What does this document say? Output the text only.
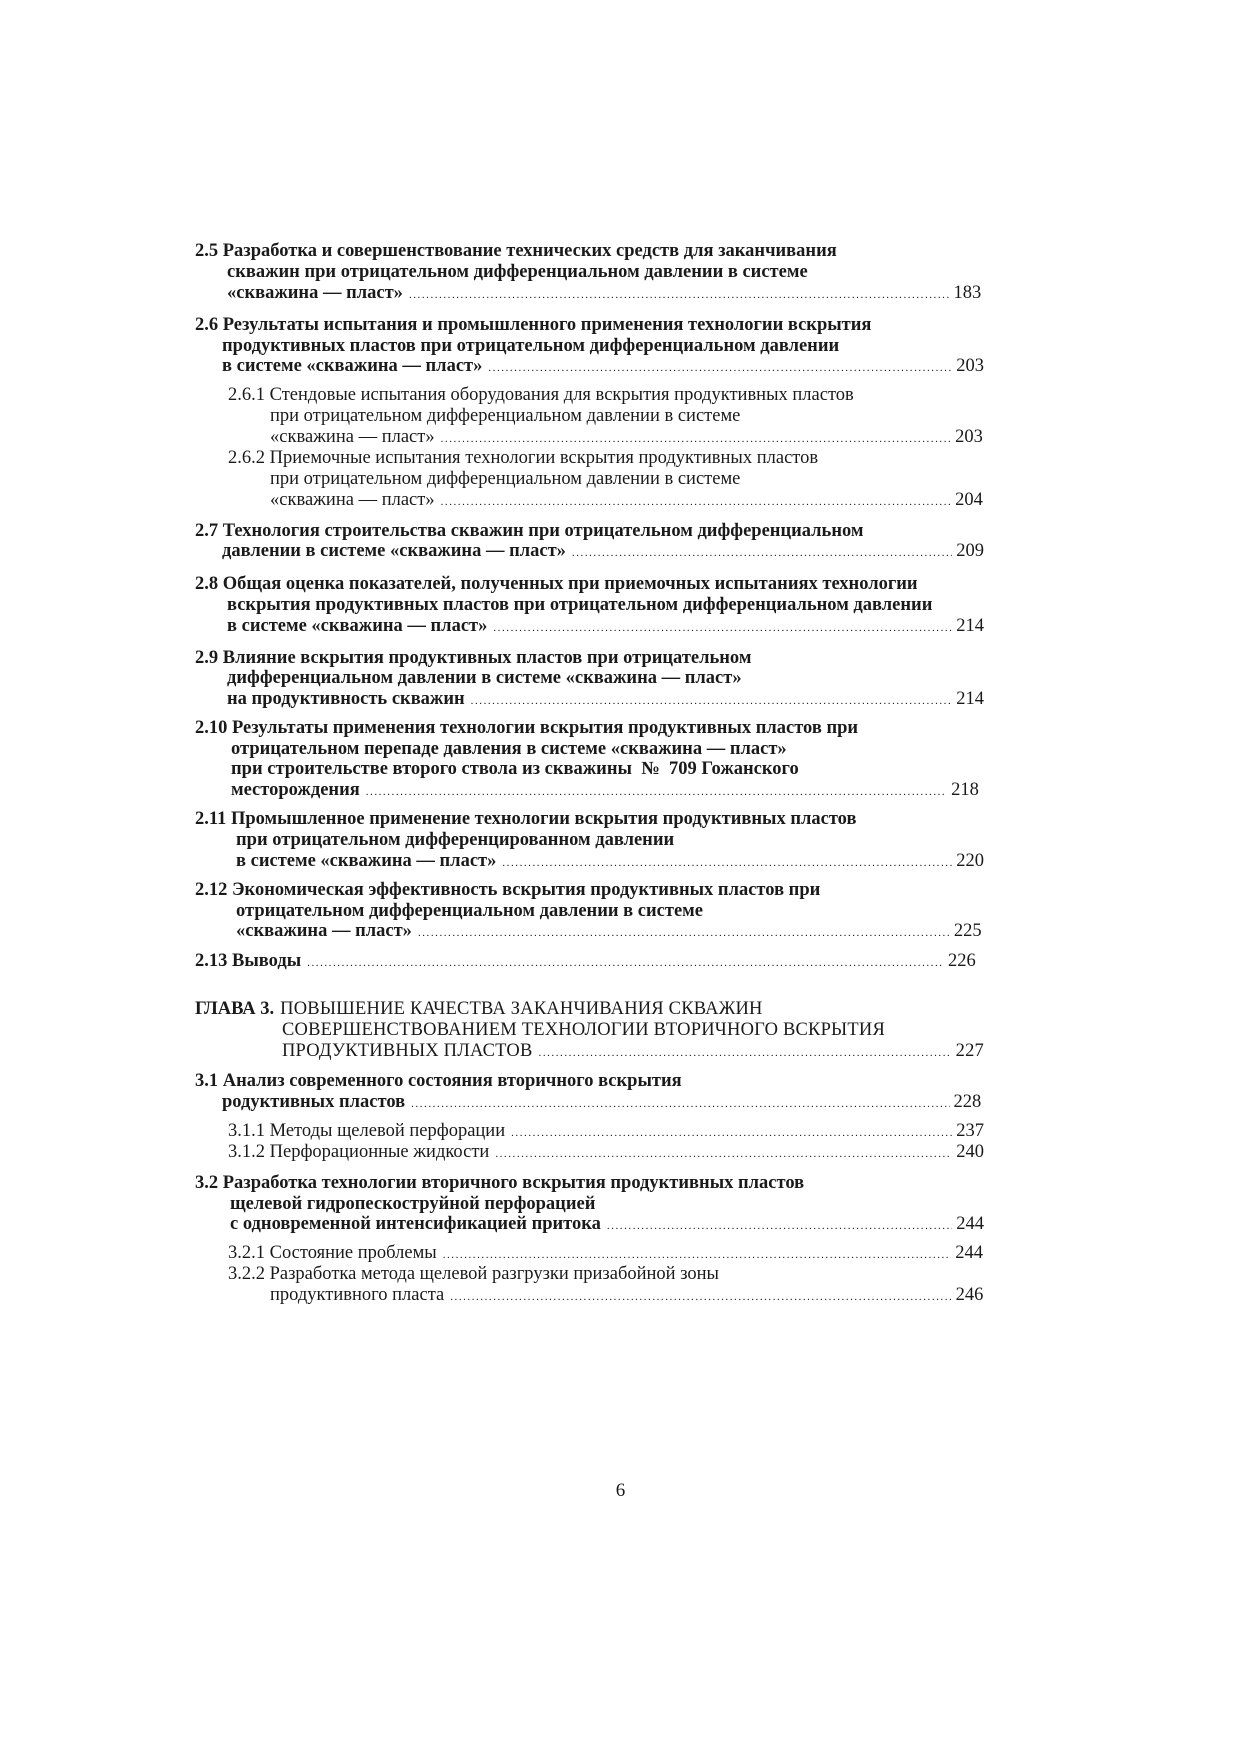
2.5 Разработка и совершенствование технических средств для заканчивания
скважин при отрицательном дифференциальном давлении в системе
«скважина — пласт» . . .	183
2.6 Результаты испытания и промышленного применения технологии вскрытия
продуктивных пластов при отрицательном дифференциальном давлении
в системе «скважина — пласт» . . .	203
2.6.1 Стендовые испытания оборудования для вскрытия продуктивных пластов
при отрицательном дифференциальном давлении в системе
«скважина — пласт» . . .	203
2.6.2 Приемочные испытания технологии вскрытия продуктивных пластов
при отрицательном дифференциальном давлении в системе
«скважина — пласт» . . .	204
2.7 Технология строительства скважин при отрицательном дифференциальном
давлении в системе «скважина — пласт» . . .	209
2.8 Общая оценка показателей, полученных при приемочных испытаниях технологии
вскрытия продуктивных пластов при отрицательном дифференциальном давлении
в системе «скважина — пласт» . . .	214
2.9 Влияние вскрытия продуктивных пластов при отрицательном
дифференциальном давлении в системе «скважина — пласт»
на продуктивность скважин . . .	214
2.10 Результаты применения технологии вскрытия продуктивных пластов при
отрицательном перепаде давления в системе «скважина — пласт»
при строительстве второго ствола из скважины  №  709 Гожанского
месторождения . . .	218
2.11 Промышленное применение технологии вскрытия продуктивных пластов
при отрицательном дифференцированном давлении
в системе «скважина — пласт» . . .	220
2.12 Экономическая эффективность вскрытия продуктивных пластов при
отрицательном дифференциальном давлении в системе
«скважина — пласт» . . .	225
2.13 Выводы . . .	226
ГЛАВА 3. ПОВЫШЕНИЕ КАЧЕСТВА ЗАКАНЧИВАНИЯ СКВАЖИН
СОВЕРШЕНСТВОВАНИЕМ ТЕХНОЛОГИИ ВТОРИЧНОГО ВСКРЫТИЯ
ПРОДУКТИВНЫХ ПЛАСТОВ . . .	227
3.1 Анализ современного состояния вторичного вскрытия
родуктивных пластов . . .	228
3.1.1 Методы щелевой перфорации . . .	237
3.1.2 Перфорационные жидкости . . .	240
3.2 Разработка технологии вторичного вскрытия продуктивных пластов
щелевой гидропескоструйной перфорацией
с одновременной интенсификацией притока . . .	244
3.2.1 Состояние проблемы . . .	244
3.2.2 Разработка метода щелевой разгрузки призабойной зоны
продуктивного пласта . . .	246
6
